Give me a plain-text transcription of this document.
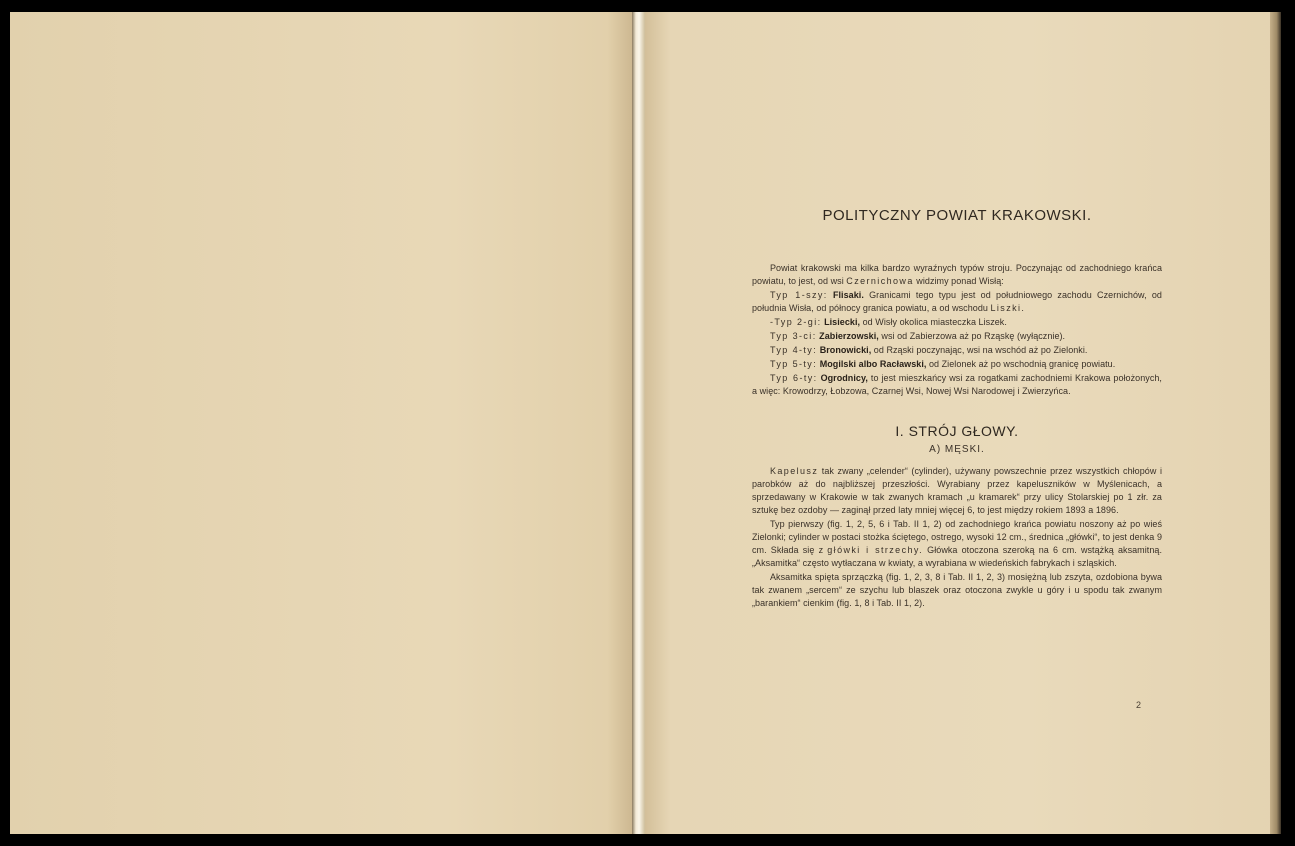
POLITYCZNY POWIAT KRAKOWSKI.

Powiat krakowski ma kilka bardzo wyraźnych typów stroju. Poczynając od zachodniego krańca powiatu, to jest, od wsi Czernichowa widzimy ponad Wisłą:

Typ 1-szy: Flisaki. Granicami tego typu jest od południowego zachodu Czernichów, od południa Wisła, od północy granica powiatu, a od wschodu Liszki.

-Typ 2-gi: Lisiecki, od Wisły okolica miasteczka Liszek.

Typ 3-ci: Zabierzowski, wsi od Zabierzowa aż po Rząskę (wyłącznie).

Typ 4-ty: Bronowicki, od Rząski poczynając, wsi na wschód aż po Zielonki.

Typ 5-ty: Mogilski albo Racławski, od Zielonek aż po wschodnią granicę powiatu.

Typ 6-ty: Ogrodnicy, to jest mieszkańcy wsi za rogatkami zachodniemi Krakowa położonych, a więc: Krowodrzy, Łobzowa, Czarnej Wsi, Nowej Wsi Narodowej i Zwierzyńca.

I. STRÓJ GŁOWY.
A) MĘSKI.

Kapelusz tak zwany „celender“ (cylinder), używany powszechnie przez wszystkich chłopów i parobków aż do najbliższej przeszłości. Wyrabiany przez kapeluszników w Myślenicach, a sprzedawany w Krakowie w tak zwanych kramach „u kramarek“ przy ulicy Stolarskiej po 1 złr. za sztukę bez ozdoby — zaginął przed laty mniej więcej 6, to jest między rokiem 1893 a 1896.

Typ pierwszy (fig. 1, 2, 5, 6 i Tab. II 1, 2) od zachodniego krańca powiatu noszony aż po wieś Zielonki; cylinder w postaci stożka ściętego, ostrego, wysoki 12 cm., średnica „główki“, to jest denka 9 cm. Składa się z główki i strzechy. Główka otoczona szeroką na 6 cm. wstążką aksamitną. „Aksamitka“ często wytłaczana w kwiaty, a wyrabiana w wiedeńskich fabrykach i szląskich.

Aksamitka spięta sprzączką (fig. 1, 2, 3, 8 i Tab. II 1, 2, 3) mosiężną lub zszyta, ozdobiona bywa tak zwanem „sercem“ ze szychu lub blaszek oraz otoczona zwykle u góry i u spodu tak zwanym „barankiem“ cienkim (fig. 1, 8 i Tab. II 1, 2).

2
